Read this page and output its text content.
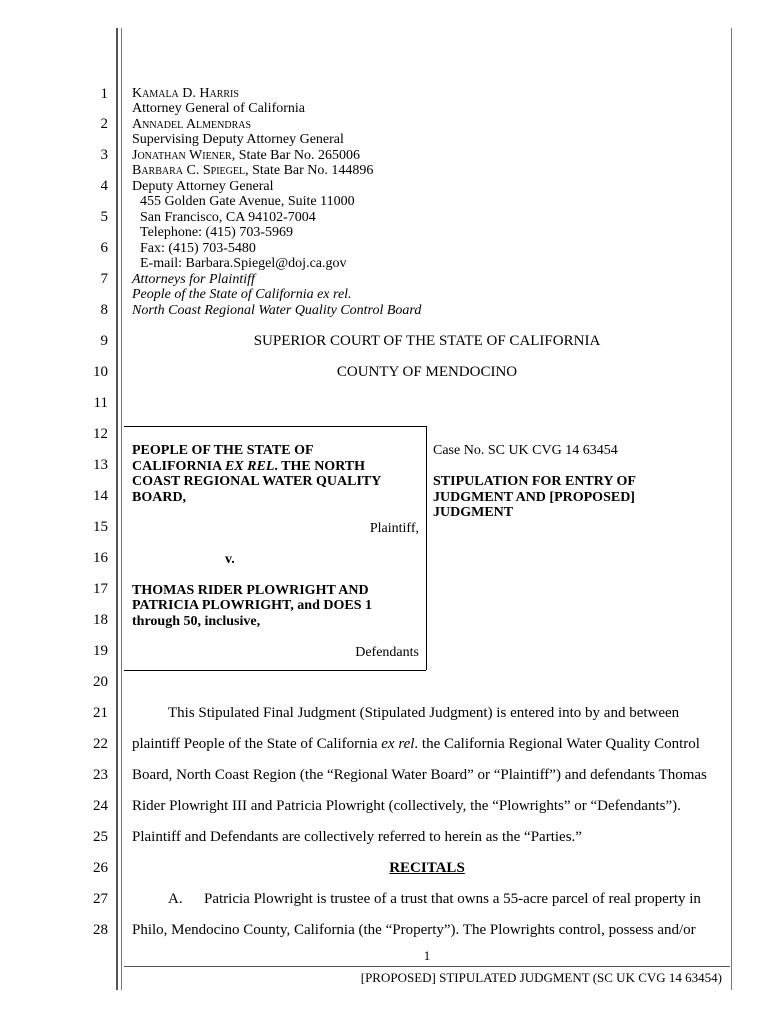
1
2
3
4
5
6
7
8
9
10
11
12
13
14
15
16
17
18
19
20
21
22
23
24
25
26
27
28
Kamala D. Harris
Attorney General of California
Annadel Almendras
Supervising Deputy Attorney General
Jonathan Wiener, State Bar No. 265006
Barbara C. Spiegel, State Bar No. 144896
Deputy Attorney General
455 Golden Gate Avenue, Suite 11000
San Francisco, CA 94102-7004
Telephone: (415) 703-5969
Fax: (415) 703-5480
E-mail: Barbara.Spiegel@doj.ca.gov
Attorneys for Plaintiff
People of the State of California ex rel.
North Coast Regional Water Quality Control Board
SUPERIOR COURT OF THE STATE OF CALIFORNIA
COUNTY OF MENDOCINO
PEOPLE OF THE STATE OF
CALIFORNIA EX REL. THE NORTH
COAST REGIONAL WATER QUALITY
BOARD,
Plaintiff,
v.
THOMAS RIDER PLOWRIGHT AND
PATRICIA PLOWRIGHT, and DOES 1
through 50, inclusive,
Defendants
Case No. SC UK CVG 14 63454
STIPULATION FOR ENTRY OF
JUDGMENT AND [PROPOSED]
JUDGMENT
This Stipulated Final Judgment (Stipulated Judgment) is entered into by and between
plaintiff People of the State of California ex rel. the California Regional Water Quality Control
Board, North Coast Region (the “Regional Water Board” or “Plaintiff”) and defendants Thomas
Rider Plowright III and Patricia Plowright (collectively, the “Plowrights” or “Defendants”).
Plaintiff and Defendants are collectively referred to herein as the “Parties.”
RECITALS
A. Patricia Plowright is trustee of a trust that owns a 55-acre parcel of real property in
Philo, Mendocino County, California (the “Property”). The Plowrights control, possess and/or
1
[PROPOSED] STIPULATED JUDGMENT (SC UK CVG 14 63454)
